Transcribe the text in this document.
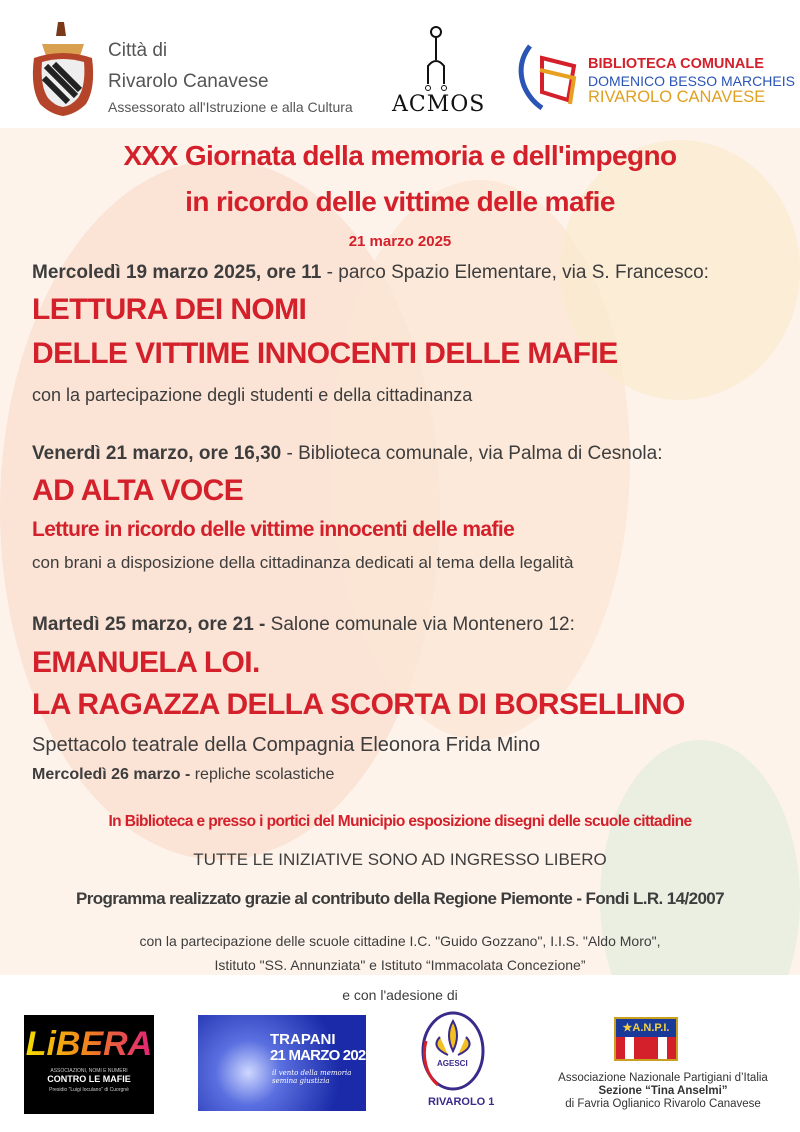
Città di
Rivarolo Canavese
Assessorato all'Istruzione e alla Cultura ACMOS
BIBLIOTECA COMUNALE
DOMENICO BESSO MARCHEIS
RIVAROLO CANAVESE
XXX Giornata della memoria e dell'impegno
in ricordo delle vittime delle mafie
21 marzo 2025
Mercoledì 19 marzo 2025, ore 11 - parco Spazio Elementare, via S. Francesco:
LETTURA DEI NOMI
DELLE VITTIME INNOCENTI DELLE MAFIE
con la partecipazione degli studenti e della cittadinanza
Venerdì 21 marzo, ore 16,30 - Biblioteca comunale, via Palma di Cesnola:
AD ALTA VOCE
Letture in ricordo delle vittime innocenti delle mafie
con brani a disposizione della cittadinanza dedicati al tema della legalità
Martedì 25 marzo, ore 21 - Salone comunale via Montenero 12:
EMANUELA LOI.
LA RAGAZZA DELLA SCORTA DI BORSELLINO
Spettacolo teatrale della Compagnia Eleonora Frida Mino
Mercoledì 26 marzo - repliche scolastiche
In Biblioteca e presso i portici del Municipio esposizione disegni delle scuole cittadine
TUTTE LE INIZIATIVE SONO AD INGRESSO LIBERO
Programma realizzato grazie al contributo della Regione Piemonte - Fondi L.R. 14/2007
con la partecipazione delle scuole cittadine I.C. "Guido Gozzano", I.I.S. "Aldo Moro",
Istituto "SS. Annunziata" e Istituto “Immacolata Concezione”
e con l'adesione di
LiBERA
ASSOCIAZIONI, NOMI E NUMERI
CONTRO LE MAFIE
Presidio "Luigi Ioculano" di Cuorgnè
TRAPANI
21 MARZO 2025
il vento della memoria semina giustizia
AGESCI
RIVAROLO 1
★A.N.P.I.
Associazione Nazionale Partigiani d’Italia
Sezione “Tina Anselmi”
di Favria Oglianico Rivarolo Canavese
